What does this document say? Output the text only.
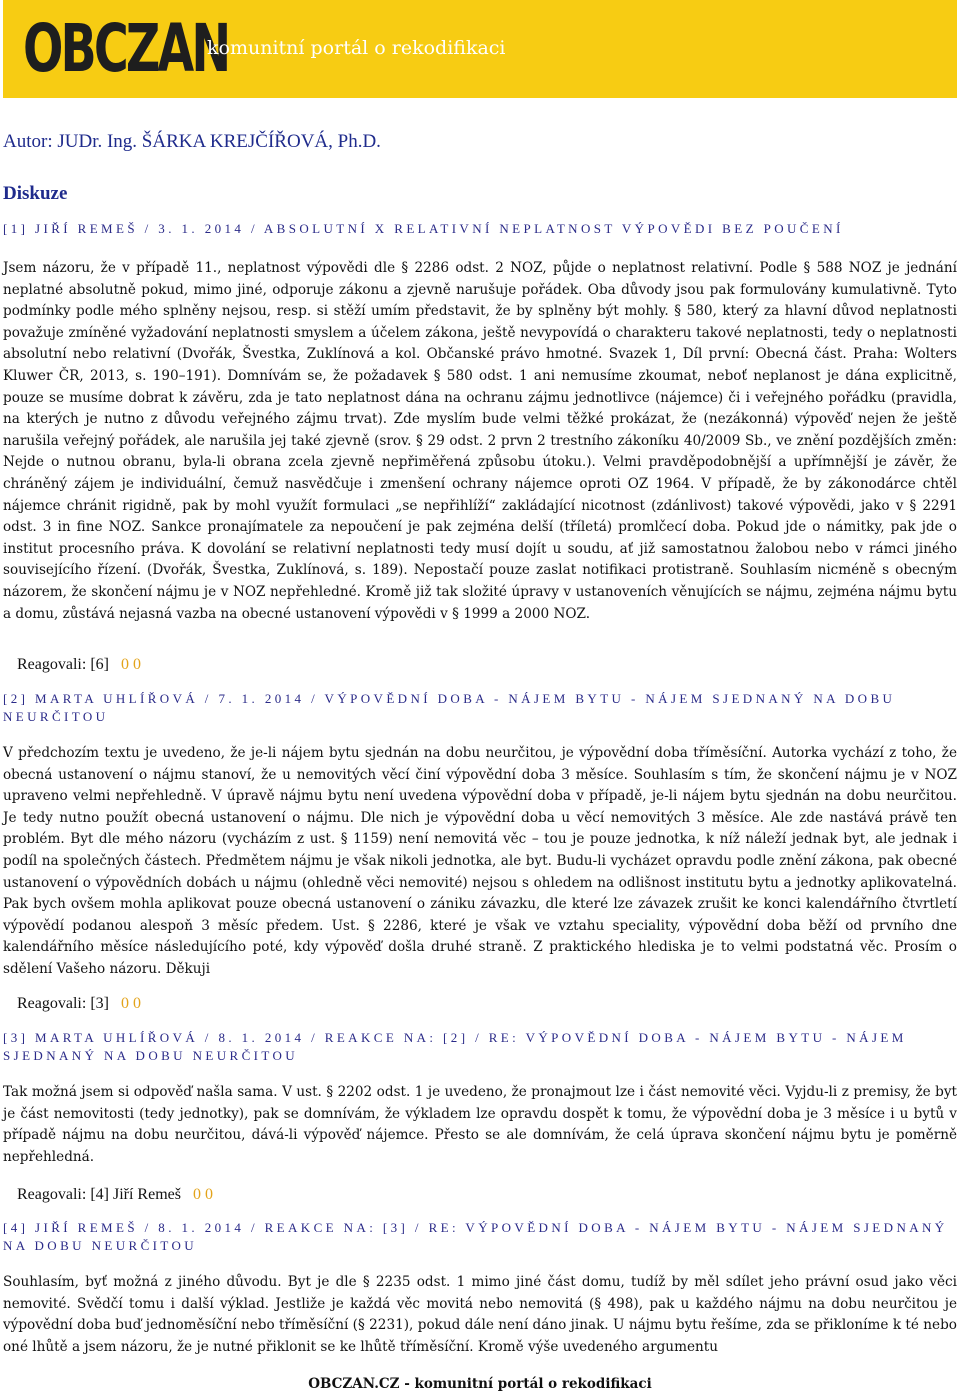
OBCZAN
komunitní portál o rekodifikaci
Autor: JUDr. Ing. ŠÁRKA KREJČÍŘOVÁ, Ph.D.
Diskuze
[1] JIŘÍ REMEŠ / 3. 1. 2014 / ABSOLUTNÍ X RELATIVNÍ NEPLATNOST VÝPOVĚDI BEZ POUČENÍ
Jsem názoru, že v případě 11., neplatnost výpovědi dle § 2286 odst. 2 NOZ, půjde o neplatnost relativní. Podle § 588 NOZ je jednání neplatné absolutně pokud, mimo jiné, odporuje zákonu a zjevně narušuje pořádek. Oba důvody jsou pak formulovány kumulativně. Tyto podmínky podle mého splněny nejsou, resp. si stěží umím představit, že by splněny být mohly. § 580, který za hlavní důvod neplatnosti považuje zmíněné vyžadování neplatnosti smyslem a účelem zákona, ještě nevypovídá o charakteru takové neplatnosti, tedy o neplatnosti absolutní nebo relativní (Dvořák, Švestka, Zuklínová a kol. Občanské právo hmotné. Svazek 1, Díl první: Obecná část. Praha: Wolters Kluwer ČR, 2013, s. 190–191). Domnívám se, že požadavek § 580 odst. 1 ani nemusíme zkoumat, neboť neplanost je dána explicitně, pouze se musíme dobrat k závěru, zda je tato neplatnost dána na ochranu zájmu jednotlivce (nájemce) či i veřejného pořádku (pravidla, na kterých je nutno z důvodu veřejného zájmu trvat). Zde myslím bude velmi těžké prokázat, že (nezákonná) výpověď nejen že ještě narušila veřejný pořádek, ale narušila jej také zjevně (srov. § 29 odst. 2 prvn 2 trestního zákoníku 40/2009 Sb., ve znění pozdějších změn: Nejde o nutnou obranu, byla-li obrana zcela zjevně nepřiměřená způsobu útoku.). Velmi pravděpodobnější a upřímnější je závěr, že chráněný zájem je individuální, čemuž nasvědčuje i zmenšení ochrany nájemce oproti OZ 1964. V případě, že by zákonodárce chtěl nájemce chránit rigidně, pak by mohl využít formulaci „se nepřihlíží“ zakládající nicotnost (zdánlivost) takové výpovědi, jako v § 2291 odst. 3 in fine NOZ. Sankce pronajímatele za nepoučení je pak zejména delší (tříletá) promlčecí doba. Pokud jde o námitky, pak jde o institut procesního práva. K dovolání se relativní neplatnosti tedy musí dojít u soudu, ať již samostatnou žalobou nebo v rámci jiného souvisejícího řízení. (Dvořák, Švestka, Zuklínová, s. 189). Nepostačí pouze zaslat notifikaci protistraně. Souhlasím nicméně s obecným názorem, že skončení nájmu je v NOZ nepřehledné. Kromě již tak složité úpravy v ustanoveních věnujících se nájmu, zejména nájmu bytu a domu, zůstává nejasná vazba na obecné ustanovení výpovědi v § 1999 a 2000 NOZ.
Reagovali: [6] 0 0
[2] MARTA UHLÍŘOVÁ / 7. 1. 2014 / VÝPOVĚDNÍ DOBA - NÁJEM BYTU - NÁJEM SJEDNANÝ NA DOBU NEURČITOU
V předchozím textu je uvedeno, že je-li nájem bytu sjednán na dobu neurčitou, je výpovědní doba tříměsíční. Autorka vychází z toho, že obecná ustanovení o nájmu stanoví, že u nemovitých věcí činí výpovědní doba 3 měsíce. Souhlasím s tím, že skončení nájmu je v NOZ upraveno velmi nepřehledně. V úpravě nájmu bytu není uvedena výpovědní doba v případě, je-li nájem bytu sjednán na dobu neurčitou. Je tedy nutno použít obecná ustanovení o nájmu. Dle nich je výpovědní doba u věcí nemovitých 3 měsíce. Ale zde nastává právě ten problém. Byt dle mého názoru (vycházím z ust. § 1159) není nemovitá věc – tou je pouze jednotka, k níž náleží jednak byt, ale jednak i podíl na společných částech. Předmětem nájmu je však nikoli jednotka, ale byt. Budu-li vycházet opravdu podle znění zákona, pak obecné ustanovení o výpovědních dobách u nájmu (ohledně věci nemovité) nejsou s ohledem na odlišnost institutu bytu a jednotky aplikovatelná. Pak bych ovšem mohla aplikovat pouze obecná ustanovení o zániku závazku, dle které lze závazek zrušit ke konci kalendářního čtvrtletí výpovědí podanou alespoň 3 měsíc předem. Ust. § 2286, které je však ve vztahu speciality, výpovědní doba běží od prvního dne kalendářního měsíce následujícího poté, kdy výpověď došla druhé straně. Z praktického hlediska je to velmi podstatná věc. Prosím o sdělení Vašeho názoru. Děkuji
Reagovali: [3] 0 0
[3] MARTA UHLÍŘOVÁ / 8. 1. 2014 / REAKCE NA: [2] / RE: VÝPOVĚDNÍ DOBA - NÁJEM BYTU - NÁJEM SJEDNANÝ NA DOBU NEURČITOU
Tak možná jsem si odpověď našla sama. V ust. § 2202 odst. 1 je uvedeno, že pronajmout lze i část nemovité věci. Vyjdu-li z premisy, že byt je část nemovitosti (tedy jednotky), pak se domnívám, že výkladem lze opravdu dospět k tomu, že výpovědní doba je 3 měsíce i u bytů v případě nájmu na dobu neurčitou, dává-li výpověď nájemce. Přesto se ale domnívám, že celá úprava skončení nájmu bytu je poměrně nepřehledná.
Reagovali: [4] Jiří Remeš 0 0
[4] JIŘÍ REMEŠ / 8. 1. 2014 / REAKCE NA: [3] / RE: VÝPOVĚDNÍ DOBA - NÁJEM BYTU - NÁJEM SJEDNANÝ NA DOBU NEURČITOU
Souhlasím, byť možná z jiného důvodu. Byt je dle § 2235 odst. 1 mimo jiné část domu, tudíž by měl sdílet jeho právní osud jako věci nemovité. Svědčí tomu i další výklad. Jestliže je každá věc movitá nebo nemovitá (§ 498), pak u každého nájmu na dobu neurčitou je výpovědní doba buď jednoměsíční nebo tříměsíční (§ 2231), pokud dále není dáno jinak. U nájmu bytu řešíme, zda se přikloníme k té nebo oné lhůtě a jsem názoru, že je nutné přiklonit se ke lhůtě tříměsíční. Kromě výše uvedeného argumentu
OBCZAN.CZ - komunitní portál o rekodifikaci
